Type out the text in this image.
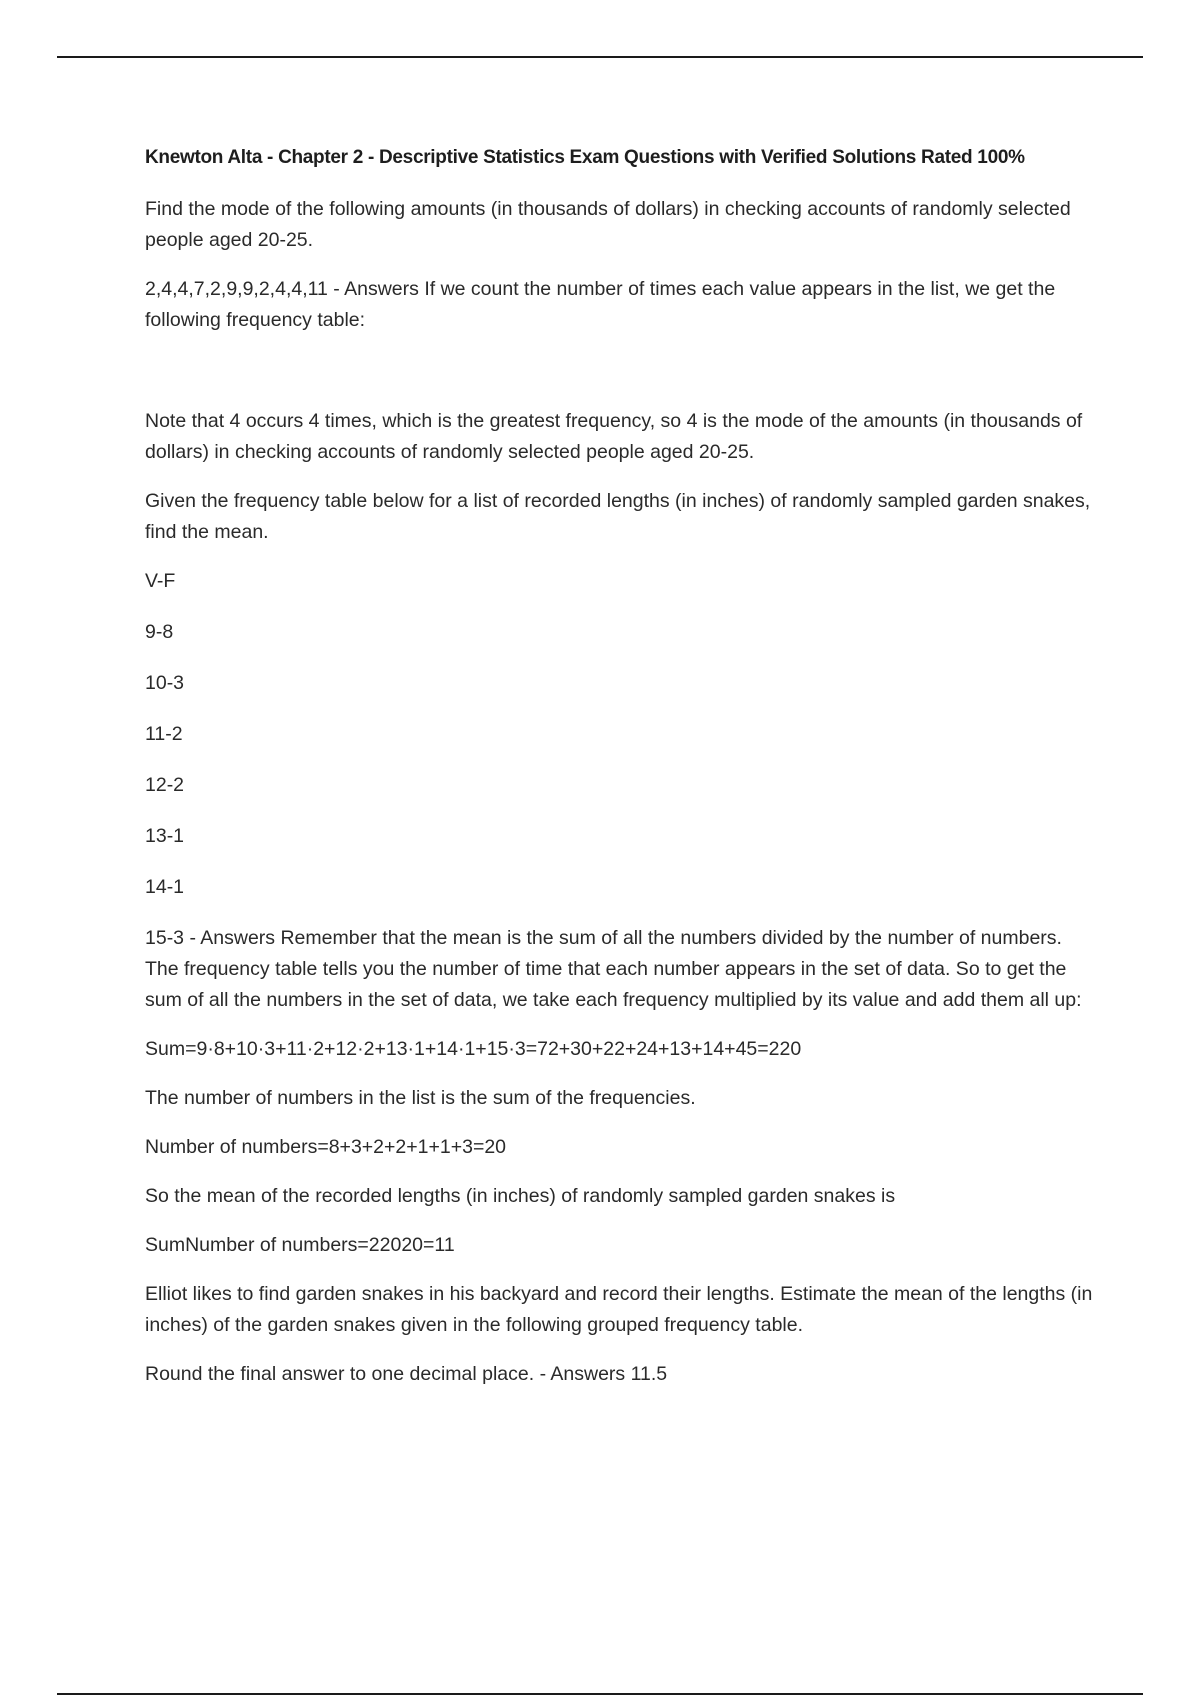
Knewton Alta - Chapter 2 - Descriptive Statistics Exam Questions with Verified Solutions Rated 100%

Find the mode of the following amounts (in thousands of dollars) in checking accounts of randomly selected people aged 20-25.

2,4,4,7,2,9,9,2,4,4,11 - Answers If we count the number of times each value appears in the list, we get the following frequency table:

Note that 4 occurs 4 times, which is the greatest frequency, so 4 is the mode of the amounts (in thousands of dollars) in checking accounts of randomly selected people aged 20-25.

Given the frequency table below for a list of recorded lengths (in inches) of randomly sampled garden snakes, find the mean.

V-F

9-8

10-3

11-2

12-2

13-1

14-1

15-3 - Answers Remember that the mean is the sum of all the numbers divided by the number of numbers. The frequency table tells you the number of time that each number appears in the set of data. So to get the sum of all the numbers in the set of data, we take each frequency multiplied by its value and add them all up:

Sum=9·8+10·3+11·2+12·2+13·1+14·1+15·3=72+30+22+24+13+14+45=220

The number of numbers in the list is the sum of the frequencies.

Number of numbers=8+3+2+2+1+1+3=20

So the mean of the recorded lengths (in inches) of randomly sampled garden snakes is

SumNumber of numbers=22020=11

Elliot likes to find garden snakes in his backyard and record their lengths. Estimate the mean of the lengths (in inches) of the garden snakes given in the following grouped frequency table.

Round the final answer to one decimal place. - Answers 11.5
